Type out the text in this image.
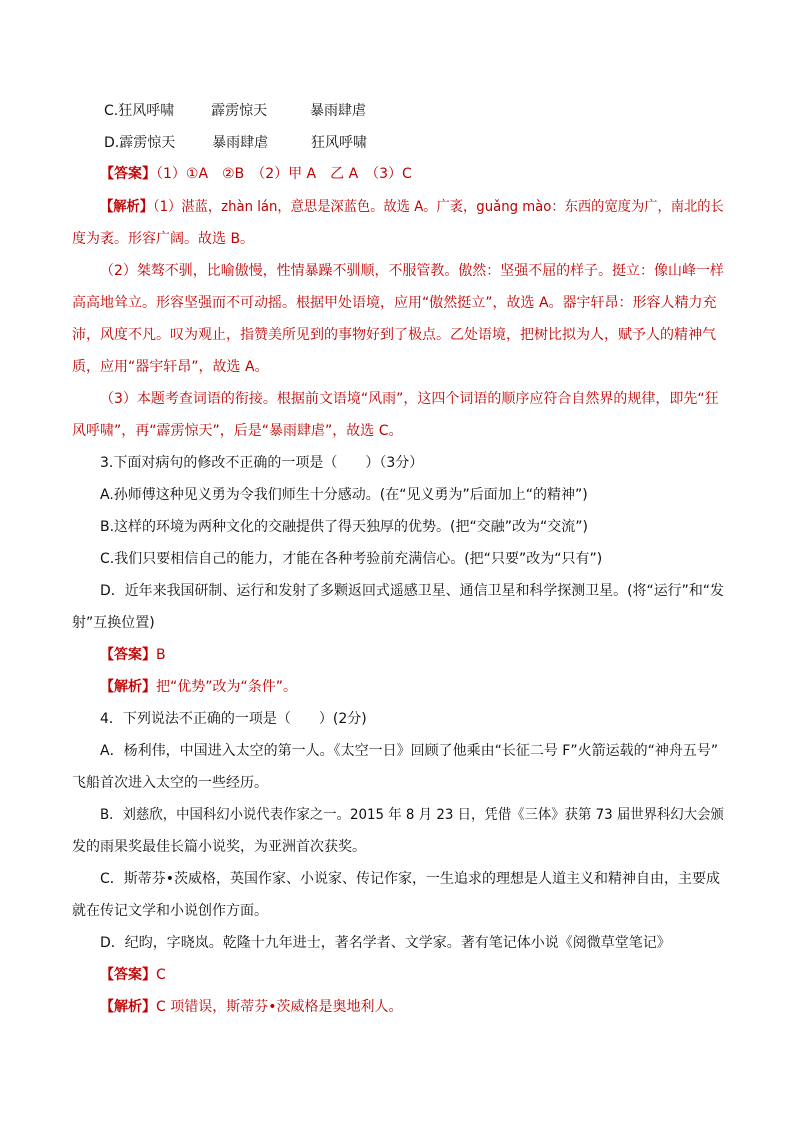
C.狂风呼啸	霹雳惊天	暴雨肆虐
D.霹雳惊天	暴雨肆虐	狂风呼啸
【答案】（1）①A　②B　（2）甲 A　乙 A　（3）C
【解析】（1）湛蓝，zhàn lán，意思是深蓝色。故选 A。广袤，guǎng mào：东西的宽度为广，南北的长
度为袤。形容广阔。故选 B。
（2）桀骜不驯，比喻傲慢，性情暴躁不驯顺，不服管教。傲然：坚强不屈的样子。挺立：像山峰一样
高高地耸立。形容坚强而不可动摇。根据甲处语境，应用“傲然挺立”，故选 A。器宇轩昂：形容人精力充
沛，风度不凡。叹为观止，指赞美所见到的事物好到了极点。乙处语境，把树比拟为人，赋予人的精神气
质，应用“器宇轩昂”，故选 A。
（3）本题考查词语的衔接。根据前文语境“风雨”，这四个词语的顺序应符合自然界的规律，即先“狂
风呼啸”，再“霹雳惊天”，后是“暴雨肆虐”，故选 C。
3.下面对病句的修改不正确的一项是（　　）（3分）
A.孙师傅这种见义勇为令我们师生十分感动。(在“见义勇为”后面加上“的精神”)
B.这样的环境为两种文化的交融提供了得天独厚的优势。(把“交融”改为“交流”)
C.我们只要相信自己的能力，才能在各种考验前充满信心。(把“只要”改为“只有”)
D．近年来我国研制、运行和发射了多颗返回式遥感卫星、通信卫星和科学探测卫星。(将“运行”和“发
射”互换位置)
【答案】B
【解析】把“优势”改为“条件”。
4．下列说法不正确的一项是（　　）(2分)
A．杨利伟，中国进入太空的第一人。《太空一日》回顾了他乘由“长征二号 F”火箭运载的“神舟五号”
飞船首次进入太空的一些经历。
B．刘慈欣，中国科幻小说代表作家之一。2015 年 8 月 23 日，凭借《三体》获第 73 届世界科幻大会颁
发的雨果奖最佳长篇小说奖，为亚洲首次获奖。
C．斯蒂芬•茨威格，英国作家、小说家、传记作家，一生追求的理想是人道主义和精神自由，主要成
就在传记文学和小说创作方面。
D．纪昀，字晓岚。乾隆十九年进士，著名学者、文学家。著有笔记体小说《阅微草堂笔记》
【答案】C
【解析】C 项错误，斯蒂芬•茨威格是奥地利人。
